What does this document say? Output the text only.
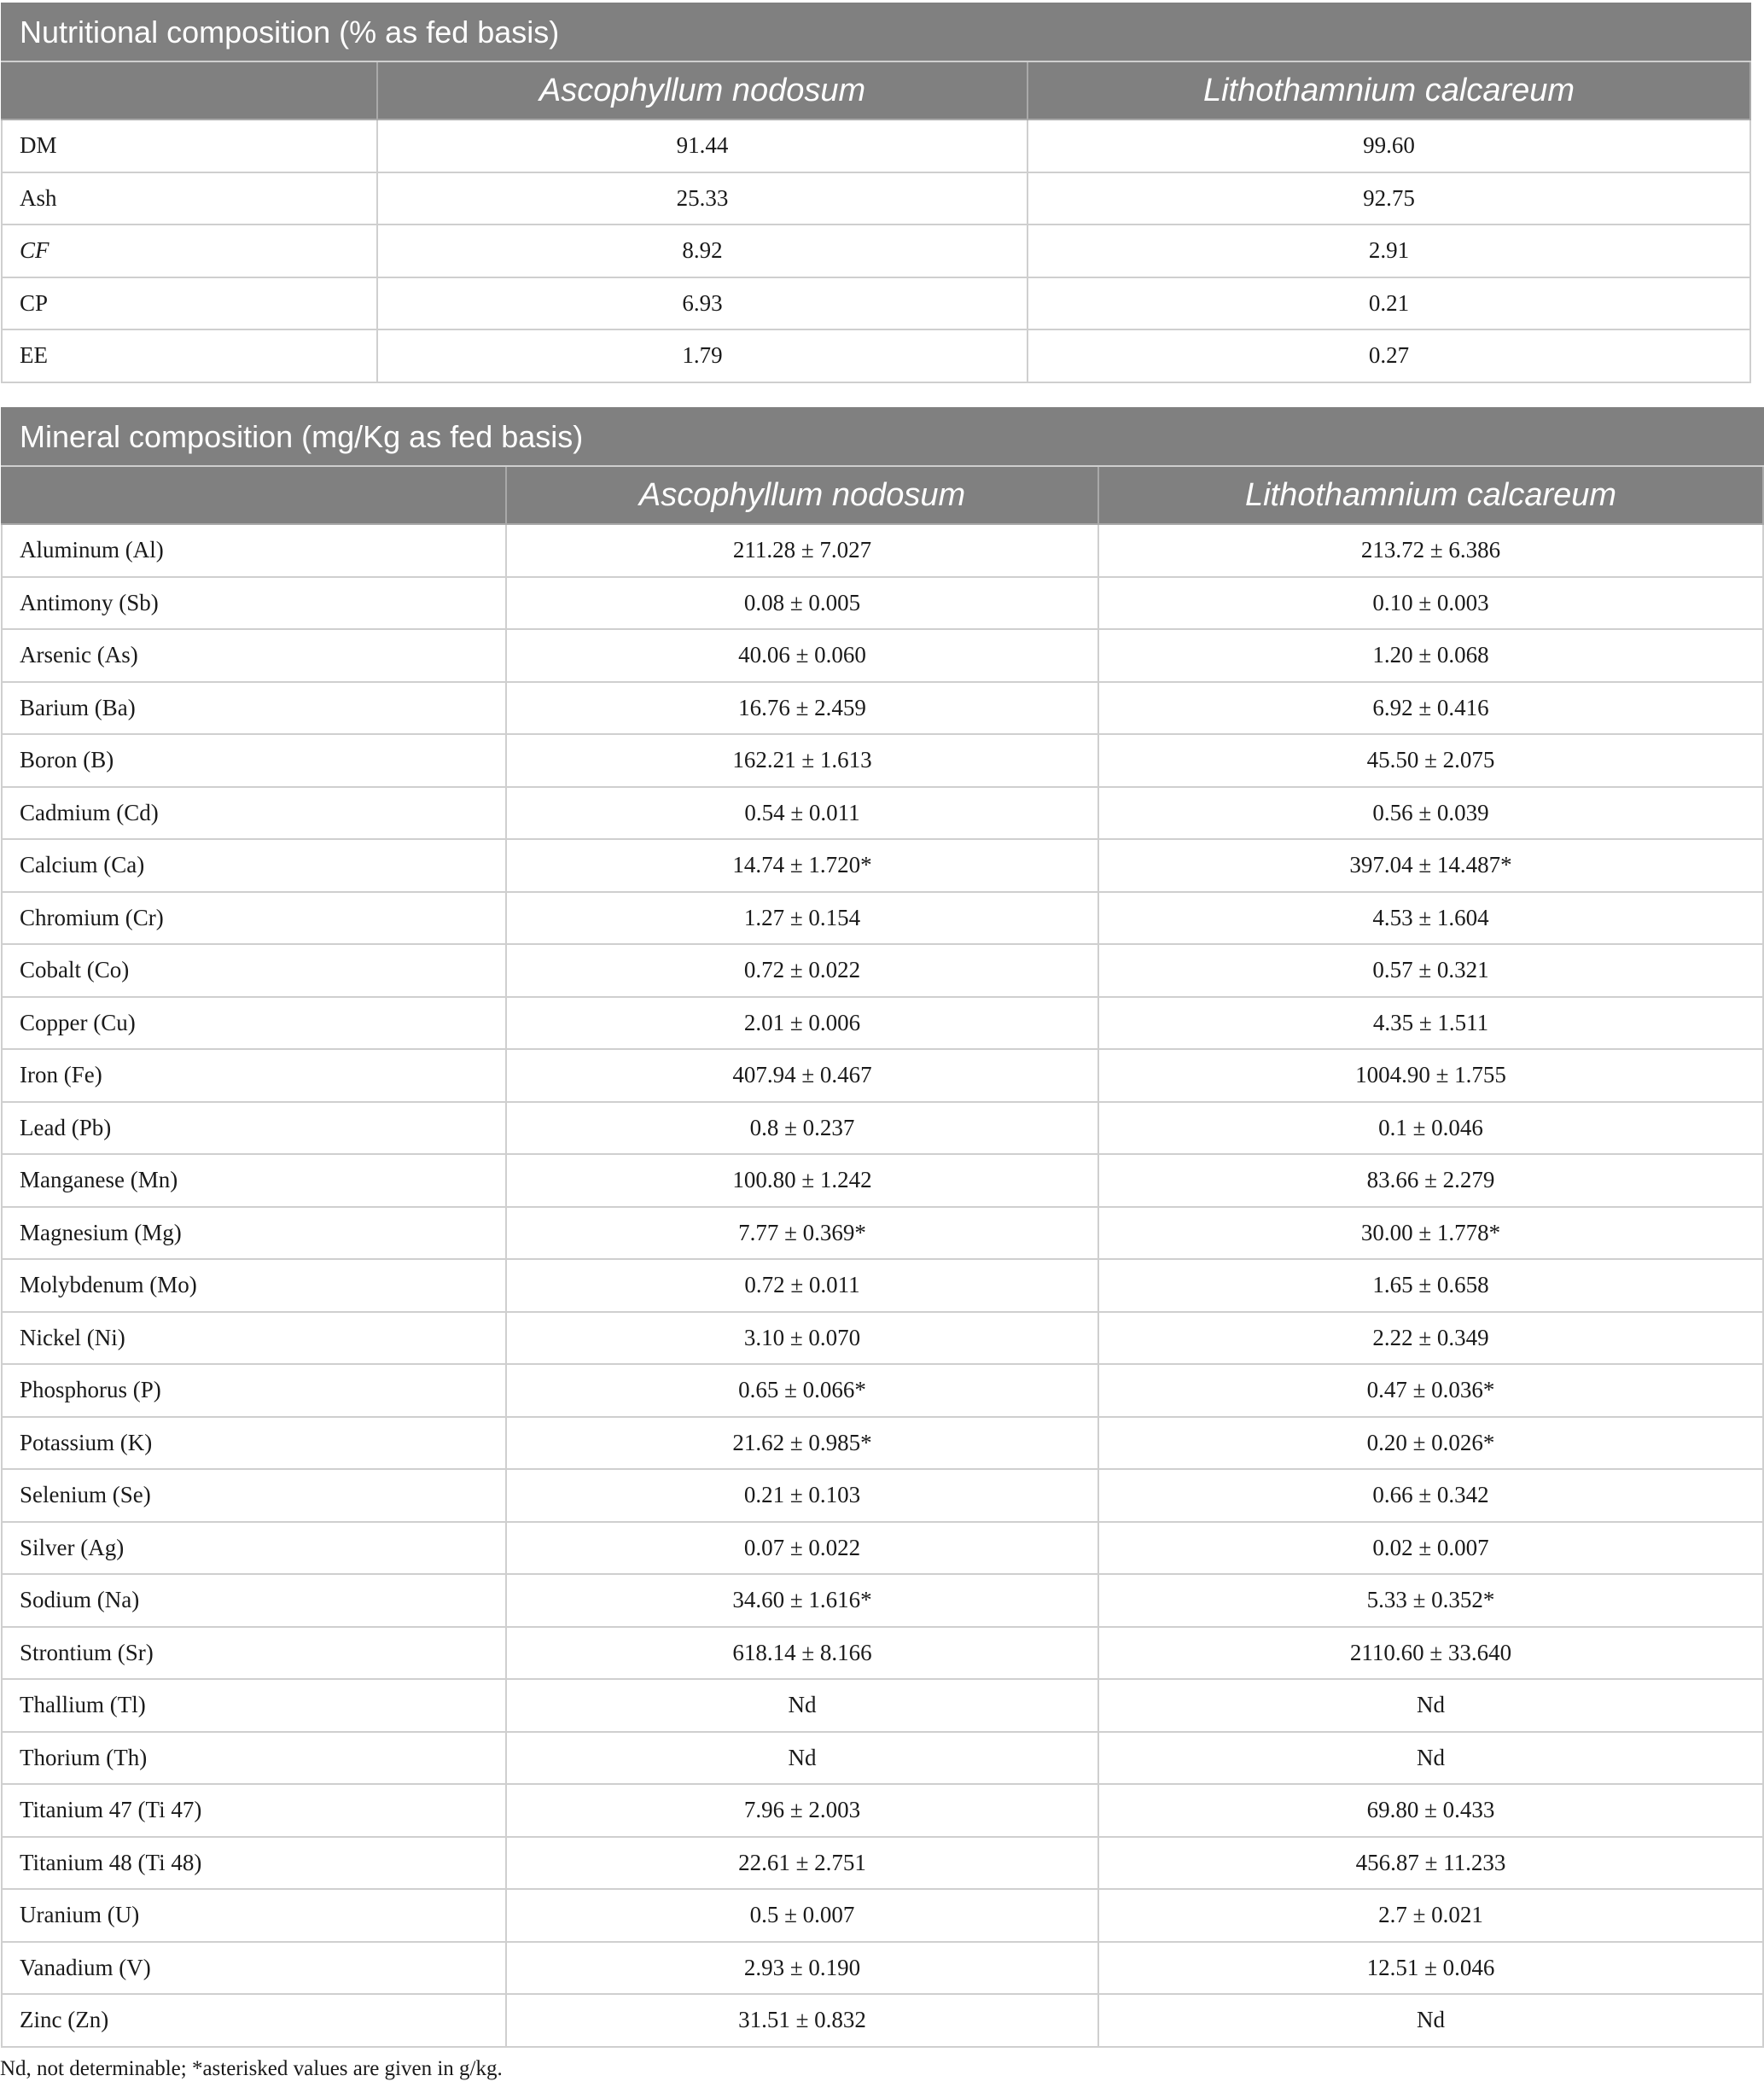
Nutritional composition (% as fed basis)		
	Ascophyllum nodosum	Lithothamnium calcareum
DM	91.44	99.60
Ash	25.33	92.75
CF	8.92	2.91
CP	6.93	0.21
EE	1.79	0.27
Mineral composition (mg/Kg as fed basis)		
	Ascophyllum nodosum	Lithothamnium calcareum
Aluminum (Al)	211.28 ± 7.027	213.72 ± 6.386
Antimony (Sb)	0.08 ± 0.005	0.10 ± 0.003
Arsenic (As)	40.06 ± 0.060	1.20 ± 0.068
Barium (Ba)	16.76 ± 2.459	6.92 ± 0.416
Boron (B)	162.21 ± 1.613	45.50 ± 2.075
Cadmium (Cd)	0.54 ± 0.011	0.56 ± 0.039
Calcium (Ca)	14.74 ± 1.720*	397.04 ± 14.487*
Chromium (Cr)	1.27 ± 0.154	4.53 ± 1.604
Cobalt (Co)	0.72 ± 0.022	0.57 ± 0.321
Copper (Cu)	2.01 ± 0.006	4.35 ± 1.511
Iron (Fe)	407.94 ± 0.467	1004.90 ± 1.755
Lead (Pb)	0.8 ± 0.237	0.1 ± 0.046
Manganese (Mn)	100.80 ± 1.242	83.66 ± 2.279
Magnesium (Mg)	7.77 ± 0.369*	30.00 ± 1.778*
Molybdenum (Mo)	0.72 ± 0.011	1.65 ± 0.658
Nickel (Ni)	3.10 ± 0.070	2.22 ± 0.349
Phosphorus (P)	0.65 ± 0.066*	0.47 ± 0.036*
Potassium (K)	21.62 ± 0.985*	0.20 ± 0.026*
Selenium (Se)	0.21 ± 0.103	0.66 ± 0.342
Silver (Ag)	0.07 ± 0.022	0.02 ± 0.007
Sodium (Na)	34.60 ± 1.616*	5.33 ± 0.352*
Strontium (Sr)	618.14 ± 8.166	2110.60 ± 33.640
Thallium (Tl)	Nd	Nd
Thorium (Th)	Nd	Nd
Titanium 47 (Ti 47)	7.96 ± 2.003	69.80 ± 0.433
Titanium 48 (Ti 48)	22.61 ± 2.751	456.87 ± 11.233
Uranium (U)	0.5 ± 0.007	2.7 ± 0.021
Vanadium (V)	2.93 ± 0.190	12.51 ± 0.046
Zinc (Zn)	31.51 ± 0.832	Nd
Nd, not determinable; *asterisked values are given in g/kg.
